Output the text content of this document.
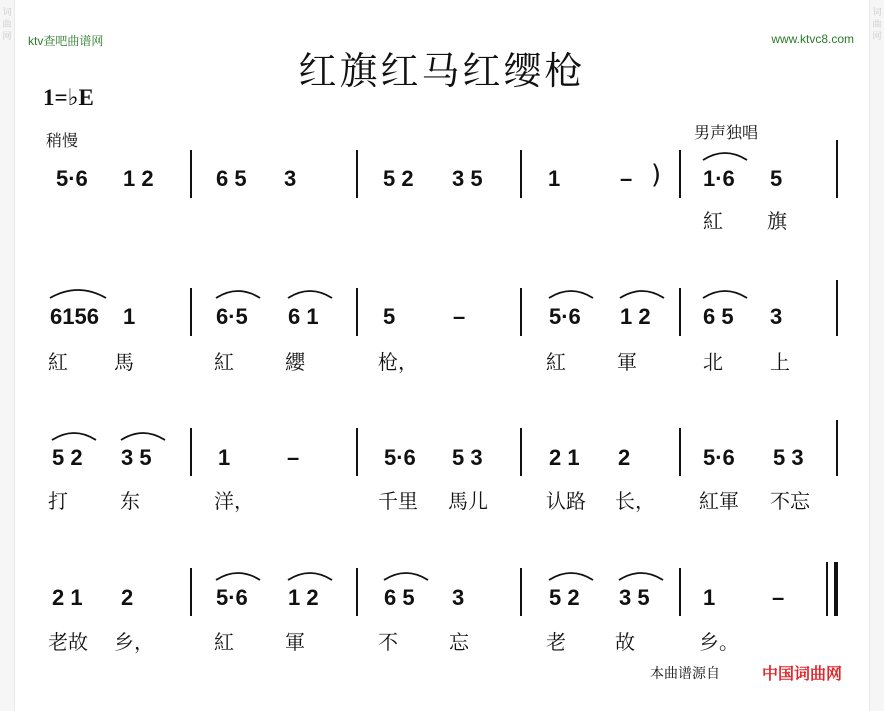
词
曲
网
词
曲
网
ktv查吧曲谱网	www.ktvc8.com
红旗红马红缨枪
1=♭E
稍慢	男声独唱
5·6 1 2	6 5 3	5 2 3 5	1	– ) 1·6 5
紅 旗
6156 1	6·5 6 1	5	–	5·6 1 2 6 5 3
紅 馬	紅	纓	枪，	紅	軍	北 上
5 2 3 5	1	–	5·6 5 3	2 1 2	5·6 5 3
打	东	洋，	千里 馬儿	认路 长， 紅軍 不忘
2 1 2	5·6 1 2	6 5 3	5 2 3 5 1	–
老故 乡，	紅	軍	不	忘	老 故	乡。
本曲谱源自	中国词曲网
